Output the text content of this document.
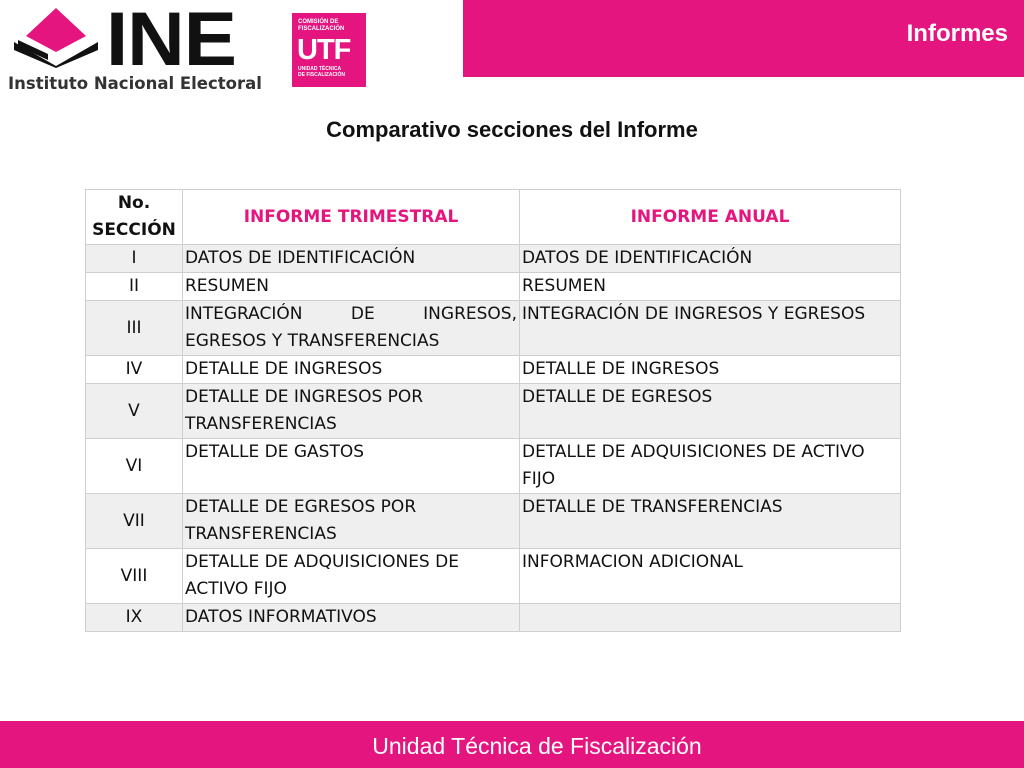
INE
Instituto Nacional Electoral
COMISIÓN DE
FISCALIZACIÓN
UTF
UNIDAD TÉCNICA
DE FISCALIZACIÓN
Informes
Comparativo secciones del Informe
No. SECCIÓN	INFORME TRIMESTRAL	INFORME ANUAL
I	DATOS DE IDENTIFICACIÓN	DATOS DE IDENTIFICACIÓN
II	RESUMEN	RESUMEN
III	INTEGRACIÓN DE INGRESOS, EGRESOS Y TRANSFERENCIAS	INTEGRACIÓN DE INGRESOS Y EGRESOS
IV	DETALLE DE INGRESOS	DETALLE DE INGRESOS
V	DETALLE DE INGRESOS POR TRANSFERENCIAS	DETALLE DE EGRESOS
VI	DETALLE DE GASTOS	DETALLE DE ADQUISICIONES DE ACTIVO FIJO
VII	DETALLE DE EGRESOS POR TRANSFERENCIAS	DETALLE DE TRANSFERENCIAS
VIII	DETALLE DE ADQUISICIONES DE ACTIVO FIJO	INFORMACION ADICIONAL
IX	DATOS INFORMATIVOS	
Unidad Técnica de Fiscalización
